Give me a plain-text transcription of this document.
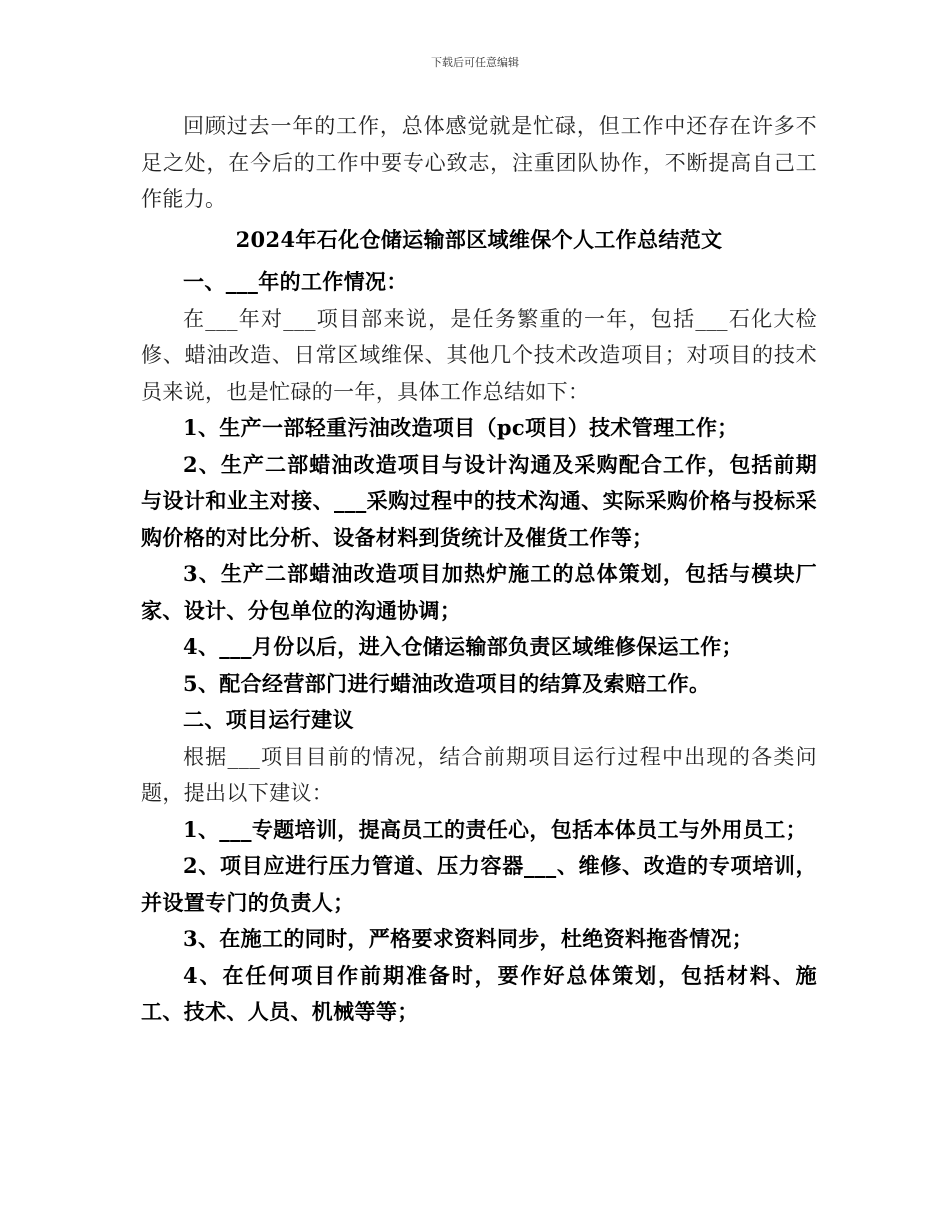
下载后可任意编辑

回顾过去一年的工作，总体感觉就是忙碌，但工作中还存在许多不足之处，在今后的工作中要专心致志，注重团队协作，不断提高自己工作能力。

2024年石化仓储运输部区域维保个人工作总结范文

一、___年的工作情况：

在___年对___项目部来说，是任务繁重的一年，包括___石化大检修、蜡油改造、日常区域维保、其他几个技术改造项目；对项目的技术员来说，也是忙碌的一年，具体工作总结如下：

1、生产一部轻重污油改造项目（pc项目）技术管理工作；

2、生产二部蜡油改造项目与设计沟通及采购配合工作，包括前期与设计和业主对接、___采购过程中的技术沟通、实际采购价格与投标采购价格的对比分析、设备材料到货统计及催货工作等；

3、生产二部蜡油改造项目加热炉施工的总体策划，包括与模块厂家、设计、分包单位的沟通协调；

4、___月份以后，进入仓储运输部负责区域维修保运工作；

5、配合经营部门进行蜡油改造项目的结算及索赔工作。

二、项目运行建议

根据___项目目前的情况，结合前期项目运行过程中出现的各类问题，提出以下建议：

1、___专题培训，提高员工的责任心，包括本体员工与外用员工；

2、项目应进行压力管道、压力容器___、维修、改造的专项培训，并设置专门的负责人；

3、在施工的同时，严格要求资料同步，杜绝资料拖沓情况；

4、在任何项目作前期准备时，要作好总体策划，包括材料、施工、技术、人员、机械等等；
